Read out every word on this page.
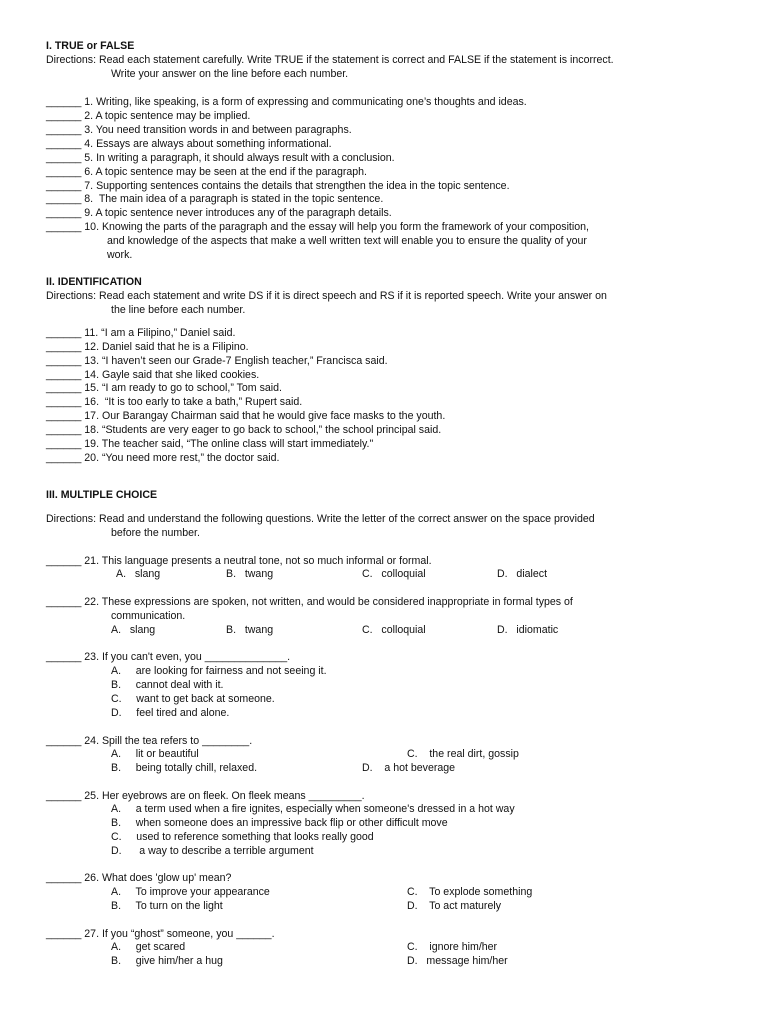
I. TRUE or FALSE
Directions: Read each statement carefully. Write TRUE if the statement is correct and FALSE if the statement is incorrect.
Write your answer on the line before each number.
______ 1. Writing, like speaking, is a form of expressing and communicating one’s thoughts and ideas.
______ 2. A topic sentence may be implied.
______ 3. You need transition words in and between paragraphs.
______ 4. Essays are always about something informational.
______ 5. In writing a paragraph, it should always result with a conclusion.
______ 6. A topic sentence may be seen at the end if the paragraph.
______ 7. Supporting sentences contains the details that strengthen the idea in the topic sentence.
______ 8.  The main idea of a paragraph is stated in the topic sentence.
______ 9. A topic sentence never introduces any of the paragraph details.
______ 10. Knowing the parts of the paragraph and the essay will help you form the framework of your composition,
and knowledge of the aspects that make a well written text will enable you to ensure the quality of your
work.
II. IDENTIFICATION
Directions: Read each statement and write DS if it is direct speech and RS if it is reported speech. Write your answer on
the line before each number.
______ 11. “I am a Filipino,” Daniel said.
______ 12. Daniel said that he is a Filipino.
______ 13. “I haven’t seen our Grade-7 English teacher,” Francisca said.
______ 14. Gayle said that she liked cookies.
______ 15. “I am ready to go to school,” Tom said.
______ 16.  “It is too early to take a bath,” Rupert said.
______ 17. Our Barangay Chairman said that he would give face masks to the youth.
______ 18. “Students are very eager to go back to school,” the school principal said.
______ 19. The teacher said, “The online class will start immediately."
______ 20. “You need more rest,” the doctor said.
III. MULTIPLE CHOICE
Directions: Read and understand the following questions. Write the letter of the correct answer on the space provided
before the number.
______ 21. This language presents a neutral tone, not so much informal or formal.
A.   slang	B.   twang	C.   colloquial	D.   dialect
______ 22. These expressions are spoken, not written, and would be considered inappropriate in formal types of
communication.
A.   slang	B.   twang	C.   colloquial	D.   idiomatic
______ 23. If you can't even, you ______________.
A.     are looking for fairness and not seeing it.
B.     cannot deal with it.
C.     want to get back at someone.
D.     feel tired and alone.
______ 24. Spill the tea refers to ________.
A.     lit or beautiful	C.    the real dirt, gossip
B.     being totally chill, relaxed.	D.    a hot beverage
______ 25. Her eyebrows are on fleek. On fleek means _________.
A.     a term used when a fire ignites, especially when someone's dressed in a hot way
B.     when someone does an impressive back flip or other difficult move
C.     used to reference something that looks really good
D.      a way to describe a terrible argument
______ 26. What does 'glow up' mean?
A.     To improve your appearance	C.    To explode something
B.     To turn on the light	D.    To act maturely
______ 27. If you “ghost” someone, you ______.
A.     get scared	C.    ignore him/her
B.     give him/her a hug	D.   message him/her
